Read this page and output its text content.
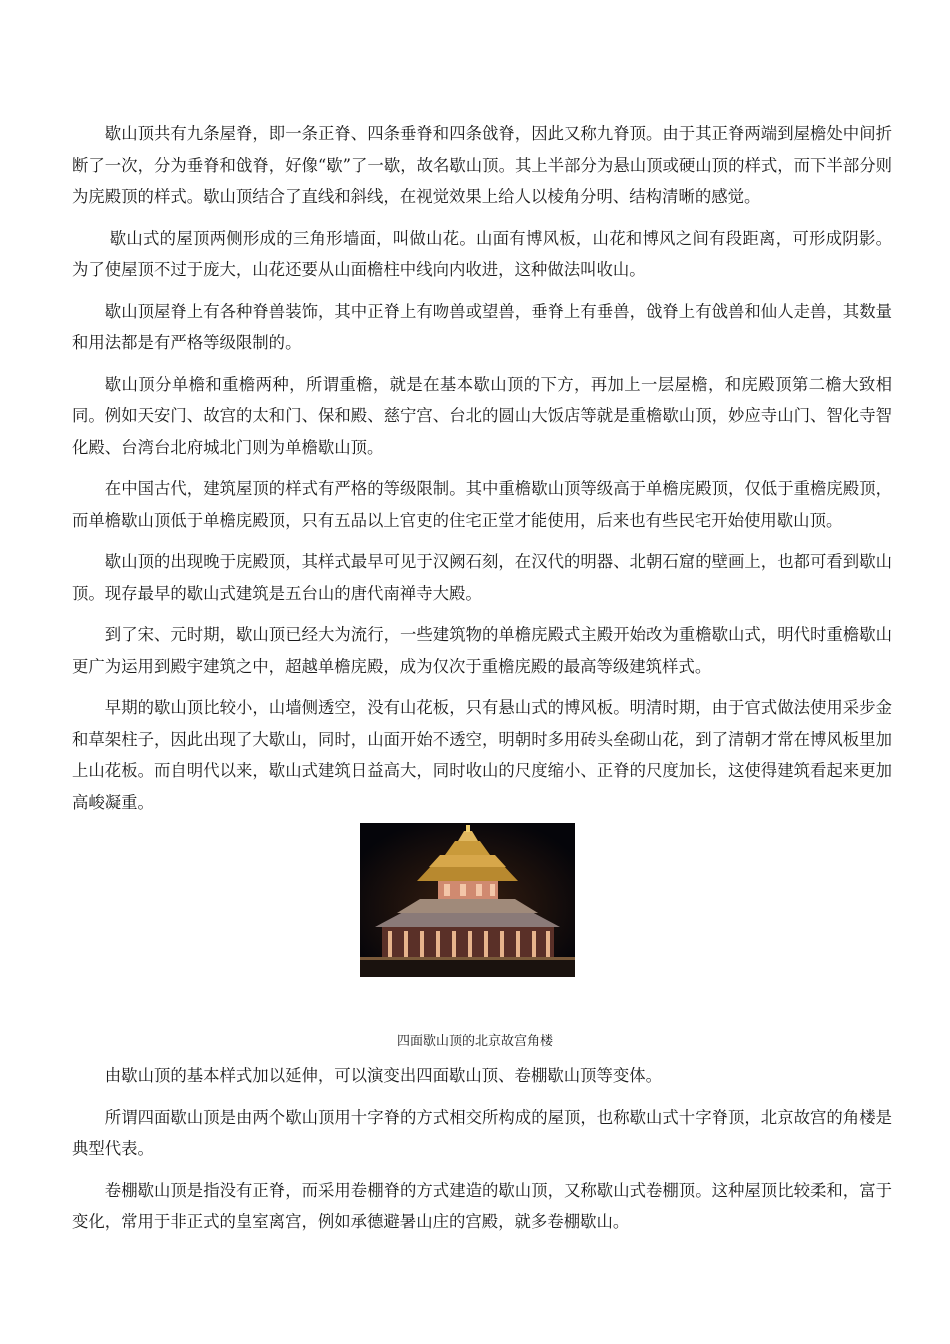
歇山顶共有九条屋脊，即一条正脊、四条垂脊和四条戗脊，因此又称九脊顶。由于其正脊两端到屋檐处中间折断了一次，分为垂脊和戗脊，好像“歇”了一歇，故名歇山顶。其上半部分为悬山顶或硬山顶的样式，而下半部分则为庑殿顶的样式。歇山顶结合了直线和斜线，在视觉效果上给人以棱角分明、结构清晰的感觉。

歇山式的屋顶两侧形成的三角形墙面，叫做山花。山面有博风板，山花和博风之间有段距离，可形成阴影。为了使屋顶不过于庞大，山花还要从山面檐柱中线向内收进，这种做法叫收山。

歇山顶屋脊上有各种脊兽装饰，其中正脊上有吻兽或望兽，垂脊上有垂兽，戗脊上有戗兽和仙人走兽，其数量和用法都是有严格等级限制的。

歇山顶分单檐和重檐两种，所谓重檐，就是在基本歇山顶的下方，再加上一层屋檐，和庑殿顶第二檐大致相同。例如天安门、故宫的太和门、保和殿、慈宁宫、台北的圆山大饭店等就是重檐歇山顶，妙应寺山门、智化寺智化殿、台湾台北府城北门则为单檐歇山顶。

在中国古代，建筑屋顶的样式有严格的等级限制。其中重檐歇山顶等级高于单檐庑殿顶，仅低于重檐庑殿顶，而单檐歇山顶低于单檐庑殿顶，只有五品以上官吏的住宅正堂才能使用，后来也有些民宅开始使用歇山顶。

歇山顶的出现晚于庑殿顶，其样式最早可见于汉阙石刻，在汉代的明器、北朝石窟的壁画上，也都可看到歇山顶。现存最早的歇山式建筑是五台山的唐代南禅寺大殿。

到了宋、元时期，歇山顶已经大为流行，一些建筑物的单檐庑殿式主殿开始改为重檐歇山式，明代时重檐歇山更广为运用到殿宇建筑之中，超越单檐庑殿，成为仅次于重檐庑殿的最高等级建筑样式。

早期的歇山顶比较小，山墙侧透空，没有山花板，只有悬山式的博风板。明清时期，由于官式做法使用采步金和草架柱子，因此出现了大歇山，同时，山面开始不透空，明朝时多用砖头垒砌山花，到了清朝才常在博风板里加上山花板。而自明代以来，歇山式建筑日益高大，同时收山的尺度缩小、正脊的尺度加长，这使得建筑看起来更加高峻凝重。

四面歇山顶的北京故宫角楼

由歇山顶的基本样式加以延伸，可以演变出四面歇山顶、卷棚歇山顶等变体。

所谓四面歇山顶是由两个歇山顶用十字脊的方式相交所构成的屋顶，也称歇山式十字脊顶，北京故宫的角楼是典型代表。

卷棚歇山顶是指没有正脊，而采用卷棚脊的方式建造的歇山顶，又称歇山式卷棚顶。这种屋顶比较柔和，富于变化，常用于非正式的皇室离宫，例如承德避暑山庄的宫殿，就多卷棚歇山。
